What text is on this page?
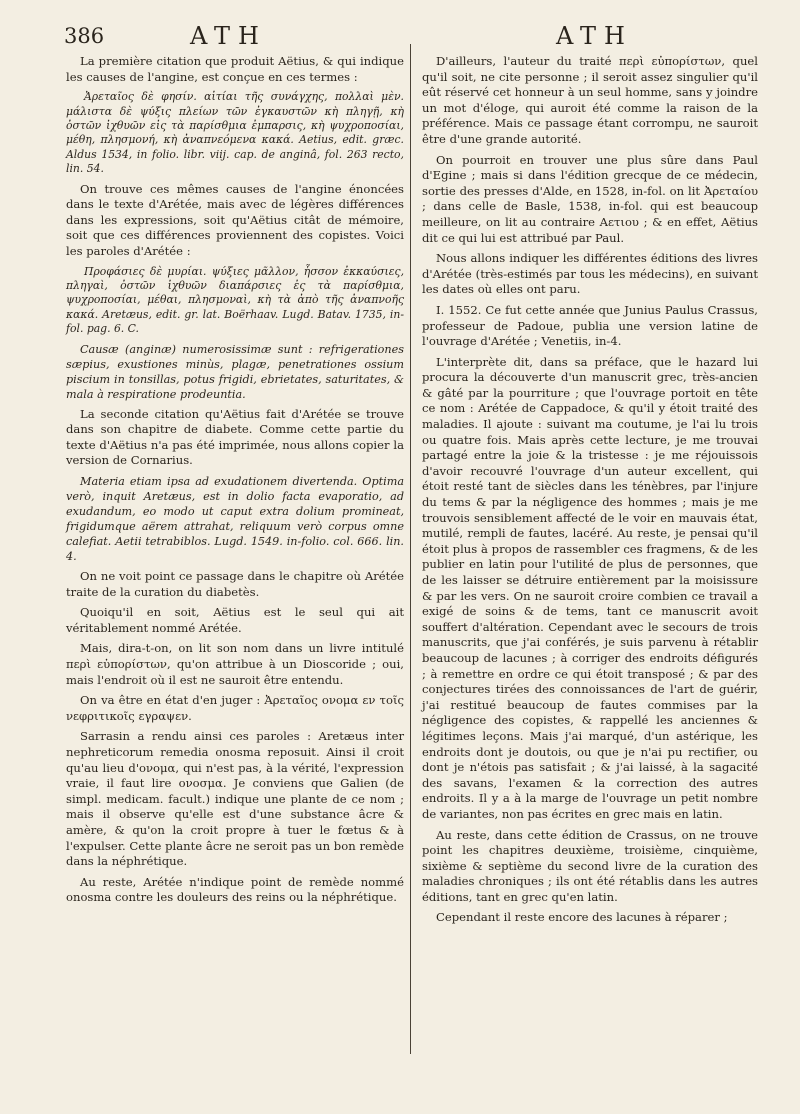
386	ATH	ATH

La première citation que produit Aëtius, & qui indique les causes de l'angine, est conçue en ces termes :

Ἀρεταῖος δὲ φησίν. αἰτίαι τῆς συνάγχης, πολλαὶ μὲν. μάλιστα δὲ ψύξις πλείων τῶν ἐγκαυστῶν κὴ πληγῇ, κὴ ὀστῶν ἰχθυῶν εἰς τὰ παρίσθμια ἐμπαρσις, κὴ ψυχροποσίαι, μέθη, πλησμονή, κὴ ἀναπνεόμενα κακά. Aetius, edit. græc. Aldus 1534, in folio. libr. viij. cap. de anginâ, fol. 263 recto, lin. 54.

On trouve ces mêmes causes de l'angine énoncées dans le texte d'Arétée, mais avec de légères différences dans les expressions, soit qu'Aëtius citât de mémoire, soit que ces différences proviennent des copistes. Voici les paroles d'Arétée :

Προφάσιες δὲ μυρίαι. ψύξιες μᾶλλον, ἧσσον ἐκκαύσιες, πληγαὶ, ὀστῶν ἰχθυῶν διαπάρσιες ἐς τὰ παρίσθμια, ψυχροποσίαι, μέθαι, πλησμοναὶ, κὴ τὰ ἀπὸ τῆς ἀναπνοῆς κακά. Aretæus, edit. gr. lat. Boërhaav. Lugd. Batav. 1735, in-fol. pag. 6. C.

Causæ (anginæ) numerosissimæ sunt : refrigerationes sæpius, exustiones minùs, plagæ, penetrationes ossium piscium in tonsillas, potus frigidi, ebrietates, saturitates, & mala à respiratione prodeuntia.

La seconde citation qu'Aëtius fait d'Arétée se trouve dans son chapitre de diabete. Comme cette partie du texte d'Aëtius n'a pas été imprimée, nous allons copier la version de Cornarius.

Materia etiam ipsa ad exudationem divertenda. Optima verò, inquit Aretæus, est in dolio facta evaporatio, ad exudandum, eo modo ut caput extra dolium promineat, frigidumque aërem attrahat, reliquum verò corpus omne calefiat. Aetii tetrabiblos. Lugd. 1549. in-folio. col. 666. lin. 4.

On ne voit point ce passage dans le chapitre où Arétée traite de la curation du diabetès.

Quoiqu'il en soit, Aëtius est le seul qui ait véritablement nommé Arétée.

Mais, dira-t-on, on lit son nom dans un livre intitulé περὶ εὐπορίστων, qu'on attribue à un Dioscoride ; oui, mais l'endroit où il est ne sauroit être entendu.

On va être en état d'en juger : Ἀρεταῖος ονομα εν τοῖς νεφριτικοῖς εγραψεν.

Sarrasin a rendu ainsi ces paroles : Aretæus inter nephreticorum remedia onosma reposuit. Ainsi il croit qu'au lieu d'ονομα, qui n'est pas, à la vérité, l'expression vraie, il faut lire ονοσμα. Je conviens que Galien (de simpl. medicam. facult.) indique une plante de ce nom ; mais il observe qu'elle est d'une substance âcre & amère, & qu'on la croit propre à tuer le fœtus & à l'expulser. Cette plante âcre ne seroit pas un bon remède dans la néphrétique.

Au reste, Arétée n'indique point de remède nommé onosma contre les douleurs des reins ou la néphrétique.

D'ailleurs, l'auteur du traité περὶ εὐπορίστων, quel qu'il soit, ne cite personne ; il seroit assez singulier qu'il eût réservé cet honneur à un seul homme, sans y joindre un mot d'éloge, qui auroit été comme la raison de la préférence. Mais ce passage étant corrompu, ne sauroit être d'une grande autorité.

On pourroit en trouver une plus sûre dans Paul d'Egine ; mais si dans l'édition grecque de ce médecin, sortie des presses d'Alde, en 1528, in-fol. on lit Ἀρεταίου ; dans celle de Basle, 1538, in-fol. qui est beaucoup meilleure, on lit au contraire Αετιου ; & en effet, Aëtius dit ce qui lui est attribué par Paul.

Nous allons indiquer les différentes éditions des livres d'Arétée (très-estimés par tous les médecins), en suivant les dates où elles ont paru.

I. 1552. Ce fut cette année que Junius Paulus Crassus, professeur de Padoue, publia une version latine de l'ouvrage d'Arétée ; Venetiis, in-4.

L'interprète dit, dans sa préface, que le hazard lui procura la découverte d'un manuscrit grec, très-ancien & gâté par la pourriture ; que l'ouvrage portoit en tête ce nom : Arétée de Cappadoce, & qu'il y étoit traité des maladies. Il ajoute : suivant ma coutume, je l'ai lu trois ou quatre fois. Mais après cette lecture, je me trouvai partagé entre la joie & la tristesse : je me réjouissois d'avoir recouvré l'ouvrage d'un auteur excellent, qui étoit resté tant de siècles dans les ténèbres, par l'injure du tems & par la négligence des hommes ; mais je me trouvois sensiblement affecté de le voir en mauvais état, mutilé, rempli de fautes, lacéré. Au reste, je pensai qu'il étoit plus à propos de rassembler ces fragmens, & de les publier en latin pour l'utilité de plus de personnes, que de les laisser se détruire entièrement par la moisissure & par les vers. On ne sauroit croire combien ce travail a exigé de soins & de tems, tant ce manuscrit avoit souffert d'altération. Cependant avec le secours de trois manuscrits, que j'ai conférés, je suis parvenu à rétablir beaucoup de lacunes ; à corriger des endroits défigurés ; à remettre en ordre ce qui étoit transposé ; & par des conjectures tirées des connoissances de l'art de guérir, j'ai restitué beaucoup de fautes commises par la négligence des copistes, & rappellé les anciennes & légitimes leçons. Mais j'ai marqué, d'un astérique, les endroits dont je doutois, ou que je n'ai pu rectifier, ou dont je n'étois pas satisfait ; & j'ai laissé, à la sagacité des savans, l'examen & la correction des autres endroits. Il y a à la marge de l'ouvrage un petit nombre de variantes, non pas écrites en grec mais en latin.

Au reste, dans cette édition de Crassus, on ne trouve point les chapitres deuxième, troisième, cinquième, sixième & septième du second livre de la curation des maladies chroniques ; ils ont été rétablis dans les autres éditions, tant en grec qu'en latin.

Cependant il reste encore des lacunes à réparer ;
